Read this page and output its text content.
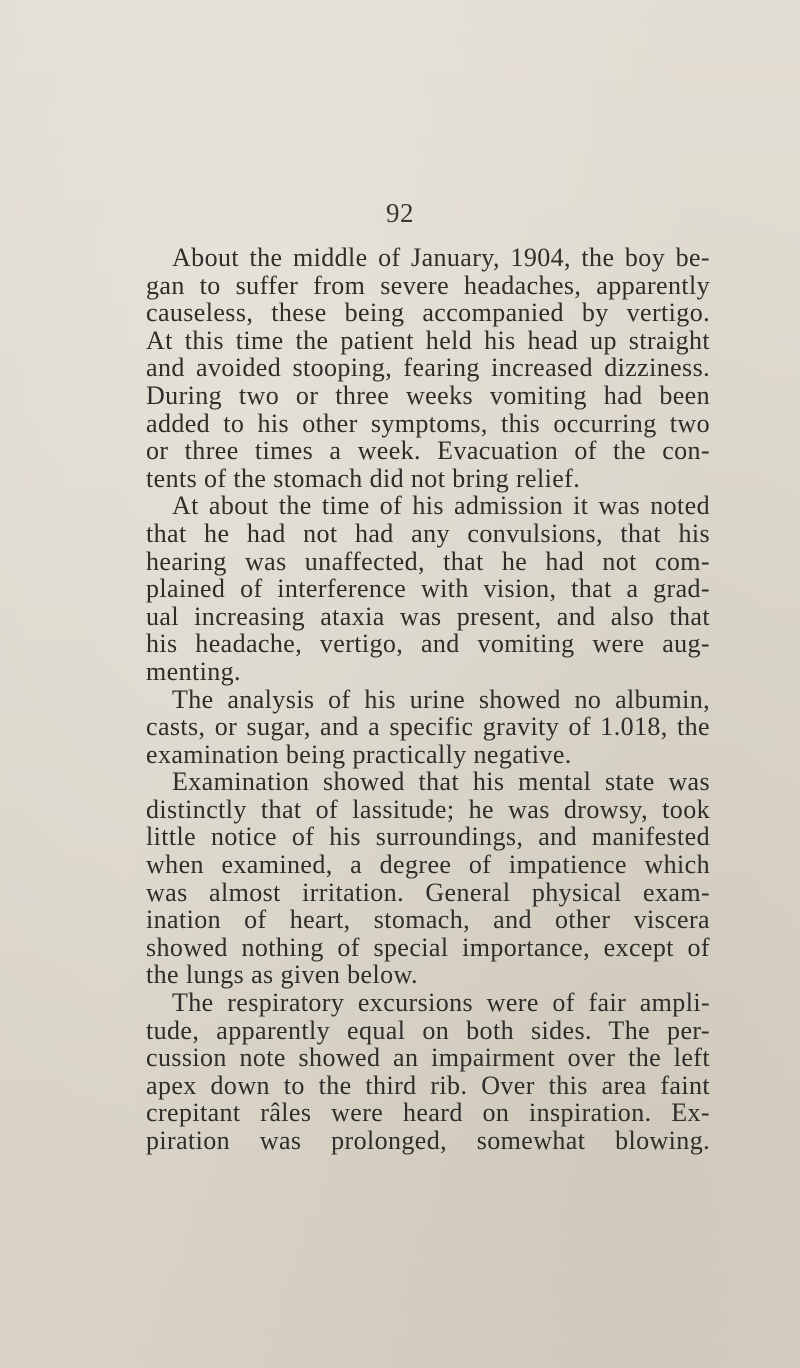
92
About the middle of January, 1904, the boy be-
gan to suffer from severe headaches, apparently
causeless, these being accompanied by vertigo.
At this time the patient held his head up straight
and avoided stooping, fearing increased dizziness.
During two or three weeks vomiting had been
added to his other symptoms, this occurring two
or three times a week. Evacuation of the con-
tents of the stomach did not bring relief.
At about the time of his admission it was noted
that he had not had any convulsions, that his
hearing was unaffected, that he had not com-
plained of interference with vision, that a grad-
ual increasing ataxia was present, and also that
his headache, vertigo, and vomiting were aug-
menting.
The analysis of his urine showed no albumin,
casts, or sugar, and a specific gravity of 1.018, the
examination being practically negative.
Examination showed that his mental state was
distinctly that of lassitude; he was drowsy, took
little notice of his surroundings, and manifested
when examined, a degree of impatience which
was almost irritation. General physical exam-
ination of heart, stomach, and other viscera
showed nothing of special importance, except of
the lungs as given below.
The respiratory excursions were of fair ampli-
tude, apparently equal on both sides. The per-
cussion note showed an impairment over the left
apex down to the third rib. Over this area faint
crepitant râles were heard on inspiration. Ex-
piration was prolonged, somewhat blowing.
